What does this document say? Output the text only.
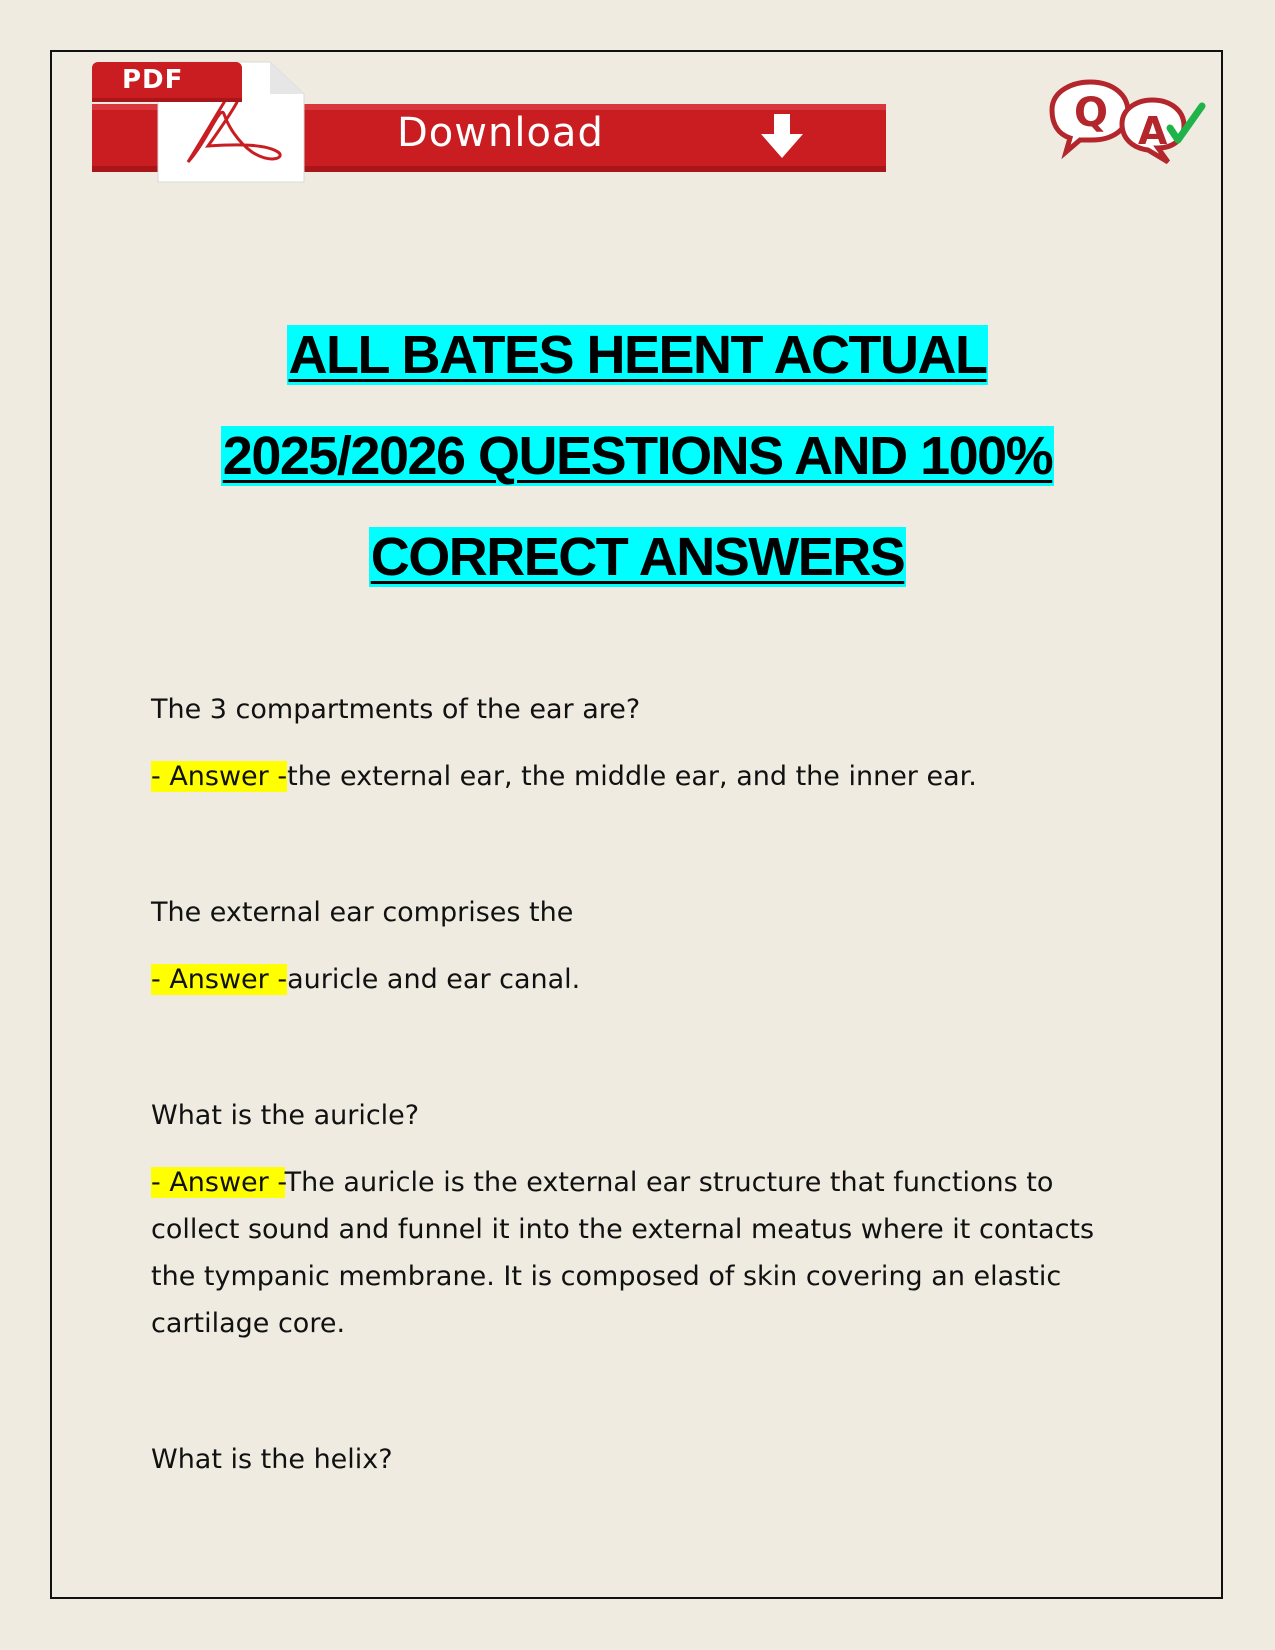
Download
PDF
Q A
ALL BATES HEENT ACTUAL
2025/2026 QUESTIONS AND 100%
CORRECT ANSWERS

The 3 compartments of the ear are?

- Answer -the external ear, the middle ear, and the inner ear.

The external ear comprises the

- Answer -auricle and ear canal.

What is the auricle?

- Answer -The auricle is the external ear structure that functions to

collect sound and funnel it into the external meatus where it contacts

the tympanic membrane. It is composed of skin covering an elastic

cartilage core.

What is the helix?
